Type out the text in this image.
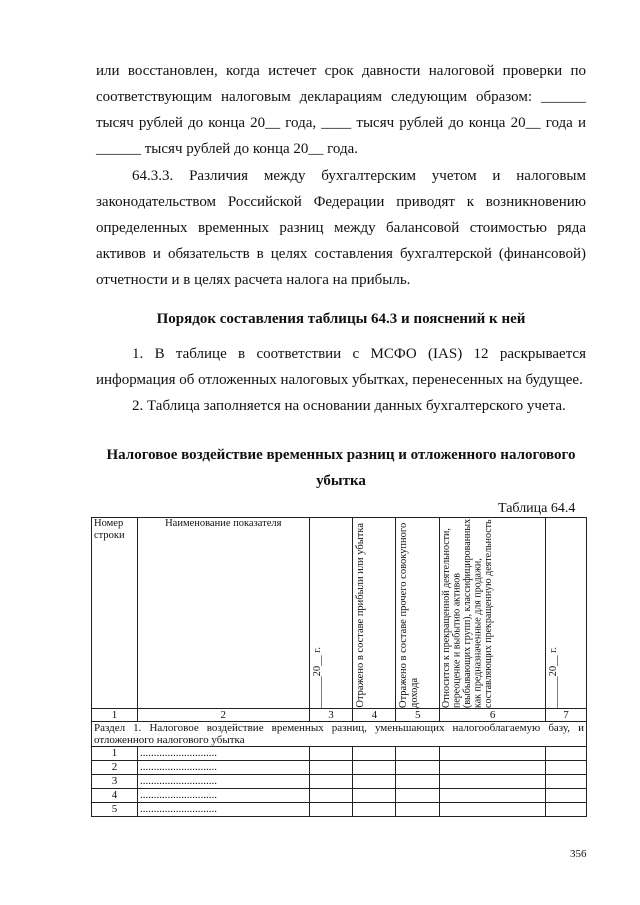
или восстановлен, когда истечет срок давности налоговой проверки по

соответствующим налоговым декларациям следующим образом: ______

тысяч рублей до конца 20__ года, ____ тысяч рублей до конца 20__ года и

______ тысяч рублей до конца 20__ года.

64.3.3. Различия между бухгалтерским учетом и налоговым

законодательством Российской Федерации приводят к возникновению

определенных временных разниц между балансовой стоимостью ряда

активов и обязательств в целях составления бухгалтерской (финансовой)

отчетности и в целях расчета налога на прибыль.

Порядок составления таблицы 64.3 и пояснений к ней

1. В таблице в соответствии с МСФО (IAS) 12 раскрывается

информация об отложенных налоговых убытках, перенесенных на будущее.

2. Таблица заполняется на основании данных бухгалтерского учета.

Налоговое воздействие временных разниц и отложенного налогового

убытка

Таблица 64.4
Номер строки	Наименование показателя	______20__ г.	Отражено в составе прибыли или убытка	Отражено в составе прочего совокупного дохода	Относится к прекращенной деятельности, переоценке и выбытию активов (выбывающих групп), классифицированных как предназначенные для продажи, составляющих прекращенную деятельность	______20__ г.

1	2	3	4	5	6	7
Раздел 1. Налоговое воздействие временных разниц, уменьшающих налогооблагаемую базу, и отложенного налогового убытка						
1	............................					
2	............................					
3	............................					
4	............................					
5	............................					
356
